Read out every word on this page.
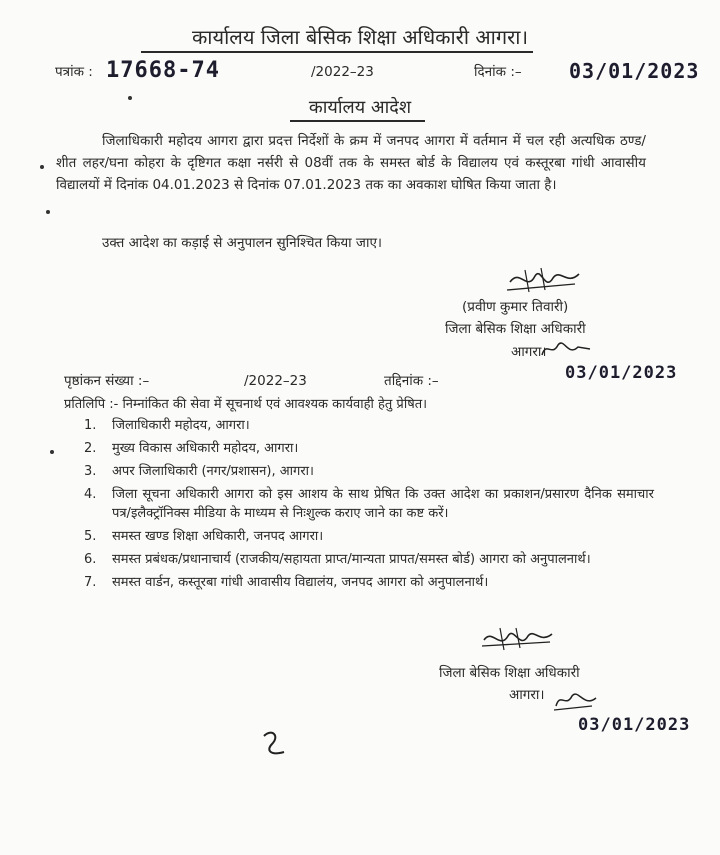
कार्यालय जिला बेसिक शिक्षा अधिकारी आगरा।
पत्रांक : 17668-74	/2022–23	दिनांक :– 03/01/2023
कार्यालय आदेश
जिलाधिकारी महोदय आगरा द्वारा प्रदत्त निर्देशों के क्रम में जनपद आगरा में वर्तमान में चल रही अत्यधिक ठण्ड/शीत लहर/घना कोहरा के दृष्टिगत कक्षा नर्सरी से 08वीं तक के समस्त बोर्ड के विद्यालय एवं कस्तूरबा गांधी आवासीय विद्यालयों में दिनांक 04.01.2023 से दिनांक 07.01.2023 तक का अवकाश घोषित किया जाता है।
उक्त आदेश का कड़ाई से अनुपालन सुनिश्चित किया जाए।
(प्रवीण कुमार तिवारी)
जिला बेसिक शिक्षा अधिकारी
आगरा।
03/01/2023
पृष्ठांकन संख्या :–	/2022–23	तद्दिनांक :–
प्रतिलिपि :- निम्नांकित की सेवा में सूचनार्थ एवं आवश्यक कार्यवाही हेतु प्रेषित।
1. जिलाधिकारी महोदय, आगरा।
2. मुख्य विकास अधिकारी महोदय, आगरा।
3. अपर जिलाधिकारी (नगर/प्रशासन), आगरा।
4. जिला सूचना अधिकारी आगरा को इस आशय के साथ प्रेषित कि उक्त आदेश का प्रकाशन/प्रसारण दैनिक समाचार पत्र/इलैक्ट्रॉनिक्स मीडिया के माध्यम से निःशुल्क कराए जाने का कष्ट करें।
5. समस्त खण्ड शिक्षा अधिकारी, जनपद आगरा।
6. समस्त प्रबंधक/प्रधानाचार्य (राजकीय/सहायता प्राप्त/मान्यता प्रापत/समस्त बोर्ड) आगरा को अनुपालनार्थ।
7. समस्त वार्डन, कस्तूरबा गांधी आवासीय विद्यालंय, जनपद आगरा को अनुपालनार्थ।
जिला बेसिक शिक्षा अधिकारी
आगरा।
03/01/2023
